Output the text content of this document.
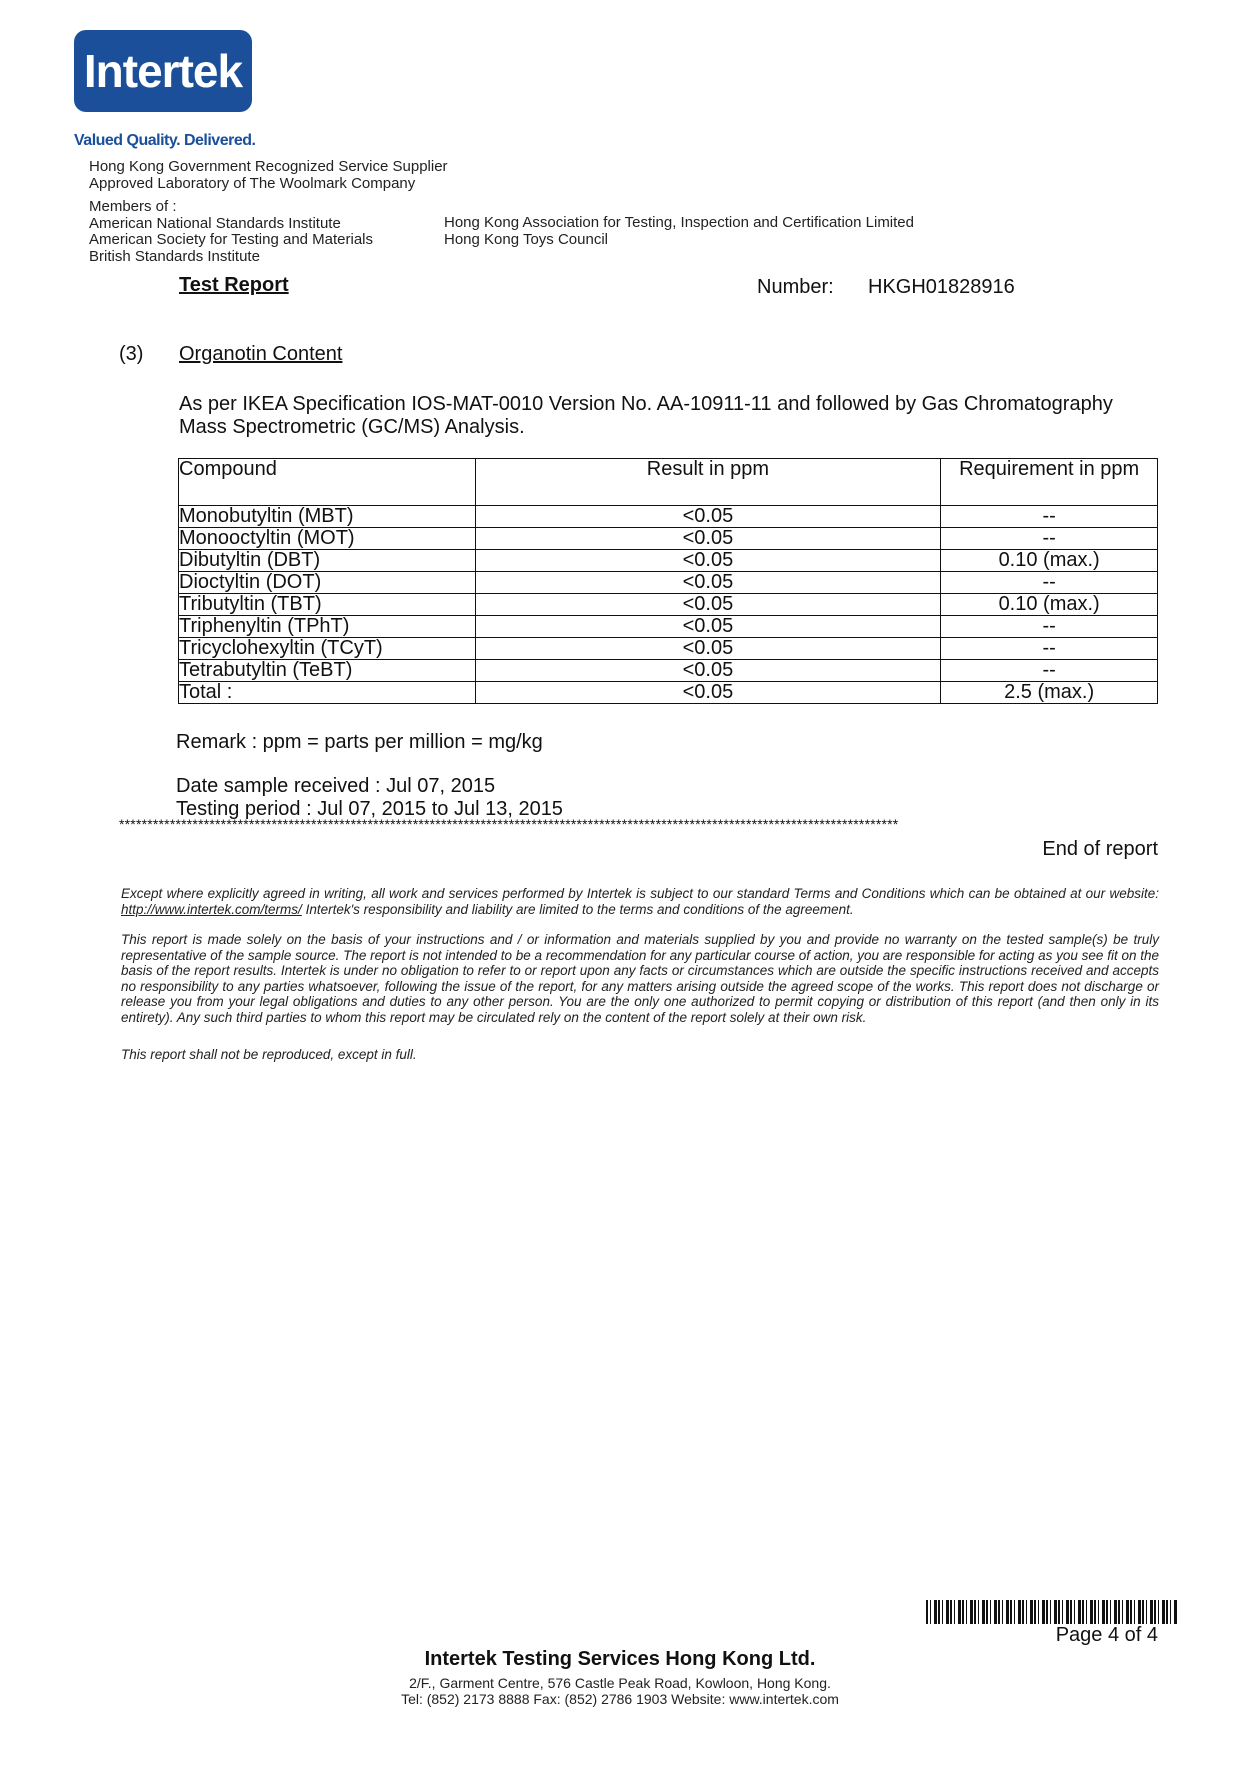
Intertek
Valued Quality. Delivered.
Hong Kong Government Recognized Service Supplier
Approved Laboratory of The Woolmark Company
Members of :
American National Standards Institute
American Society for Testing and Materials
British Standards Institute
Hong Kong Association for Testing, Inspection and Certification Limited
Hong Kong Toys Council
Test Report	Number: HKGH01828916
(3) Organotin Content
As per IKEA Specification IOS-MAT-0010 Version No. AA-10911-11 and followed by Gas Chromatography Mass Spectrometric (GC/MS) Analysis.
Compound	Result in ppm	Requirement in ppm
Monobutyltin (MBT)	<0.05	--
Monooctyltin (MOT)	<0.05	--
Dibutyltin (DBT)	<0.05	0.10 (max.)
Dioctyltin (DOT)	<0.05	--
Tributyltin (TBT)	<0.05	0.10 (max.)
Triphenyltin (TPhT)	<0.05	--
Tricyclohexyltin (TCyT)	<0.05	--
Tetrabutyltin (TeBT)	<0.05	--
Total :	<0.05	2.5 (max.)
Remark : ppm = parts per million = mg/kg
Date sample received : Jul 07, 2015
Testing period : Jul 07, 2015 to Jul 13, 2015
******************************************************************************************************************************************
End of report
Except where explicitly agreed in writing, all work and services performed by Intertek is subject to our standard Terms and Conditions which can be obtained at our website: http://www.intertek.com/terms/ Intertek's responsibility and liability are limited to the terms and conditions of the agreement.
This report is made solely on the basis of your instructions and / or information and materials supplied by you and provide no warranty on the tested sample(s) be truly representative of the sample source. The report is not intended to be a recommendation for any particular course of action, you are responsible for acting as you see fit on the basis of the report results. Intertek is under no obligation to refer to or report upon any facts or circumstances which are outside the specific instructions received and accepts no responsibility to any parties whatsoever, following the issue of the report, for any matters arising outside the agreed scope of the works. This report does not discharge or release you from your legal obligations and duties to any other person. You are the only one authorized to permit copying or distribution of this report (and then only in its entirety). Any such third parties to whom this report may be circulated rely on the content of the report solely at their own risk.
This report shall not be reproduced, except in full.
Page 4 of 4
Intertek Testing Services Hong Kong Ltd.
2/F., Garment Centre, 576 Castle Peak Road, Kowloon, Hong Kong.
Tel: (852) 2173 8888 Fax: (852) 2786 1903 Website: www.intertek.com
